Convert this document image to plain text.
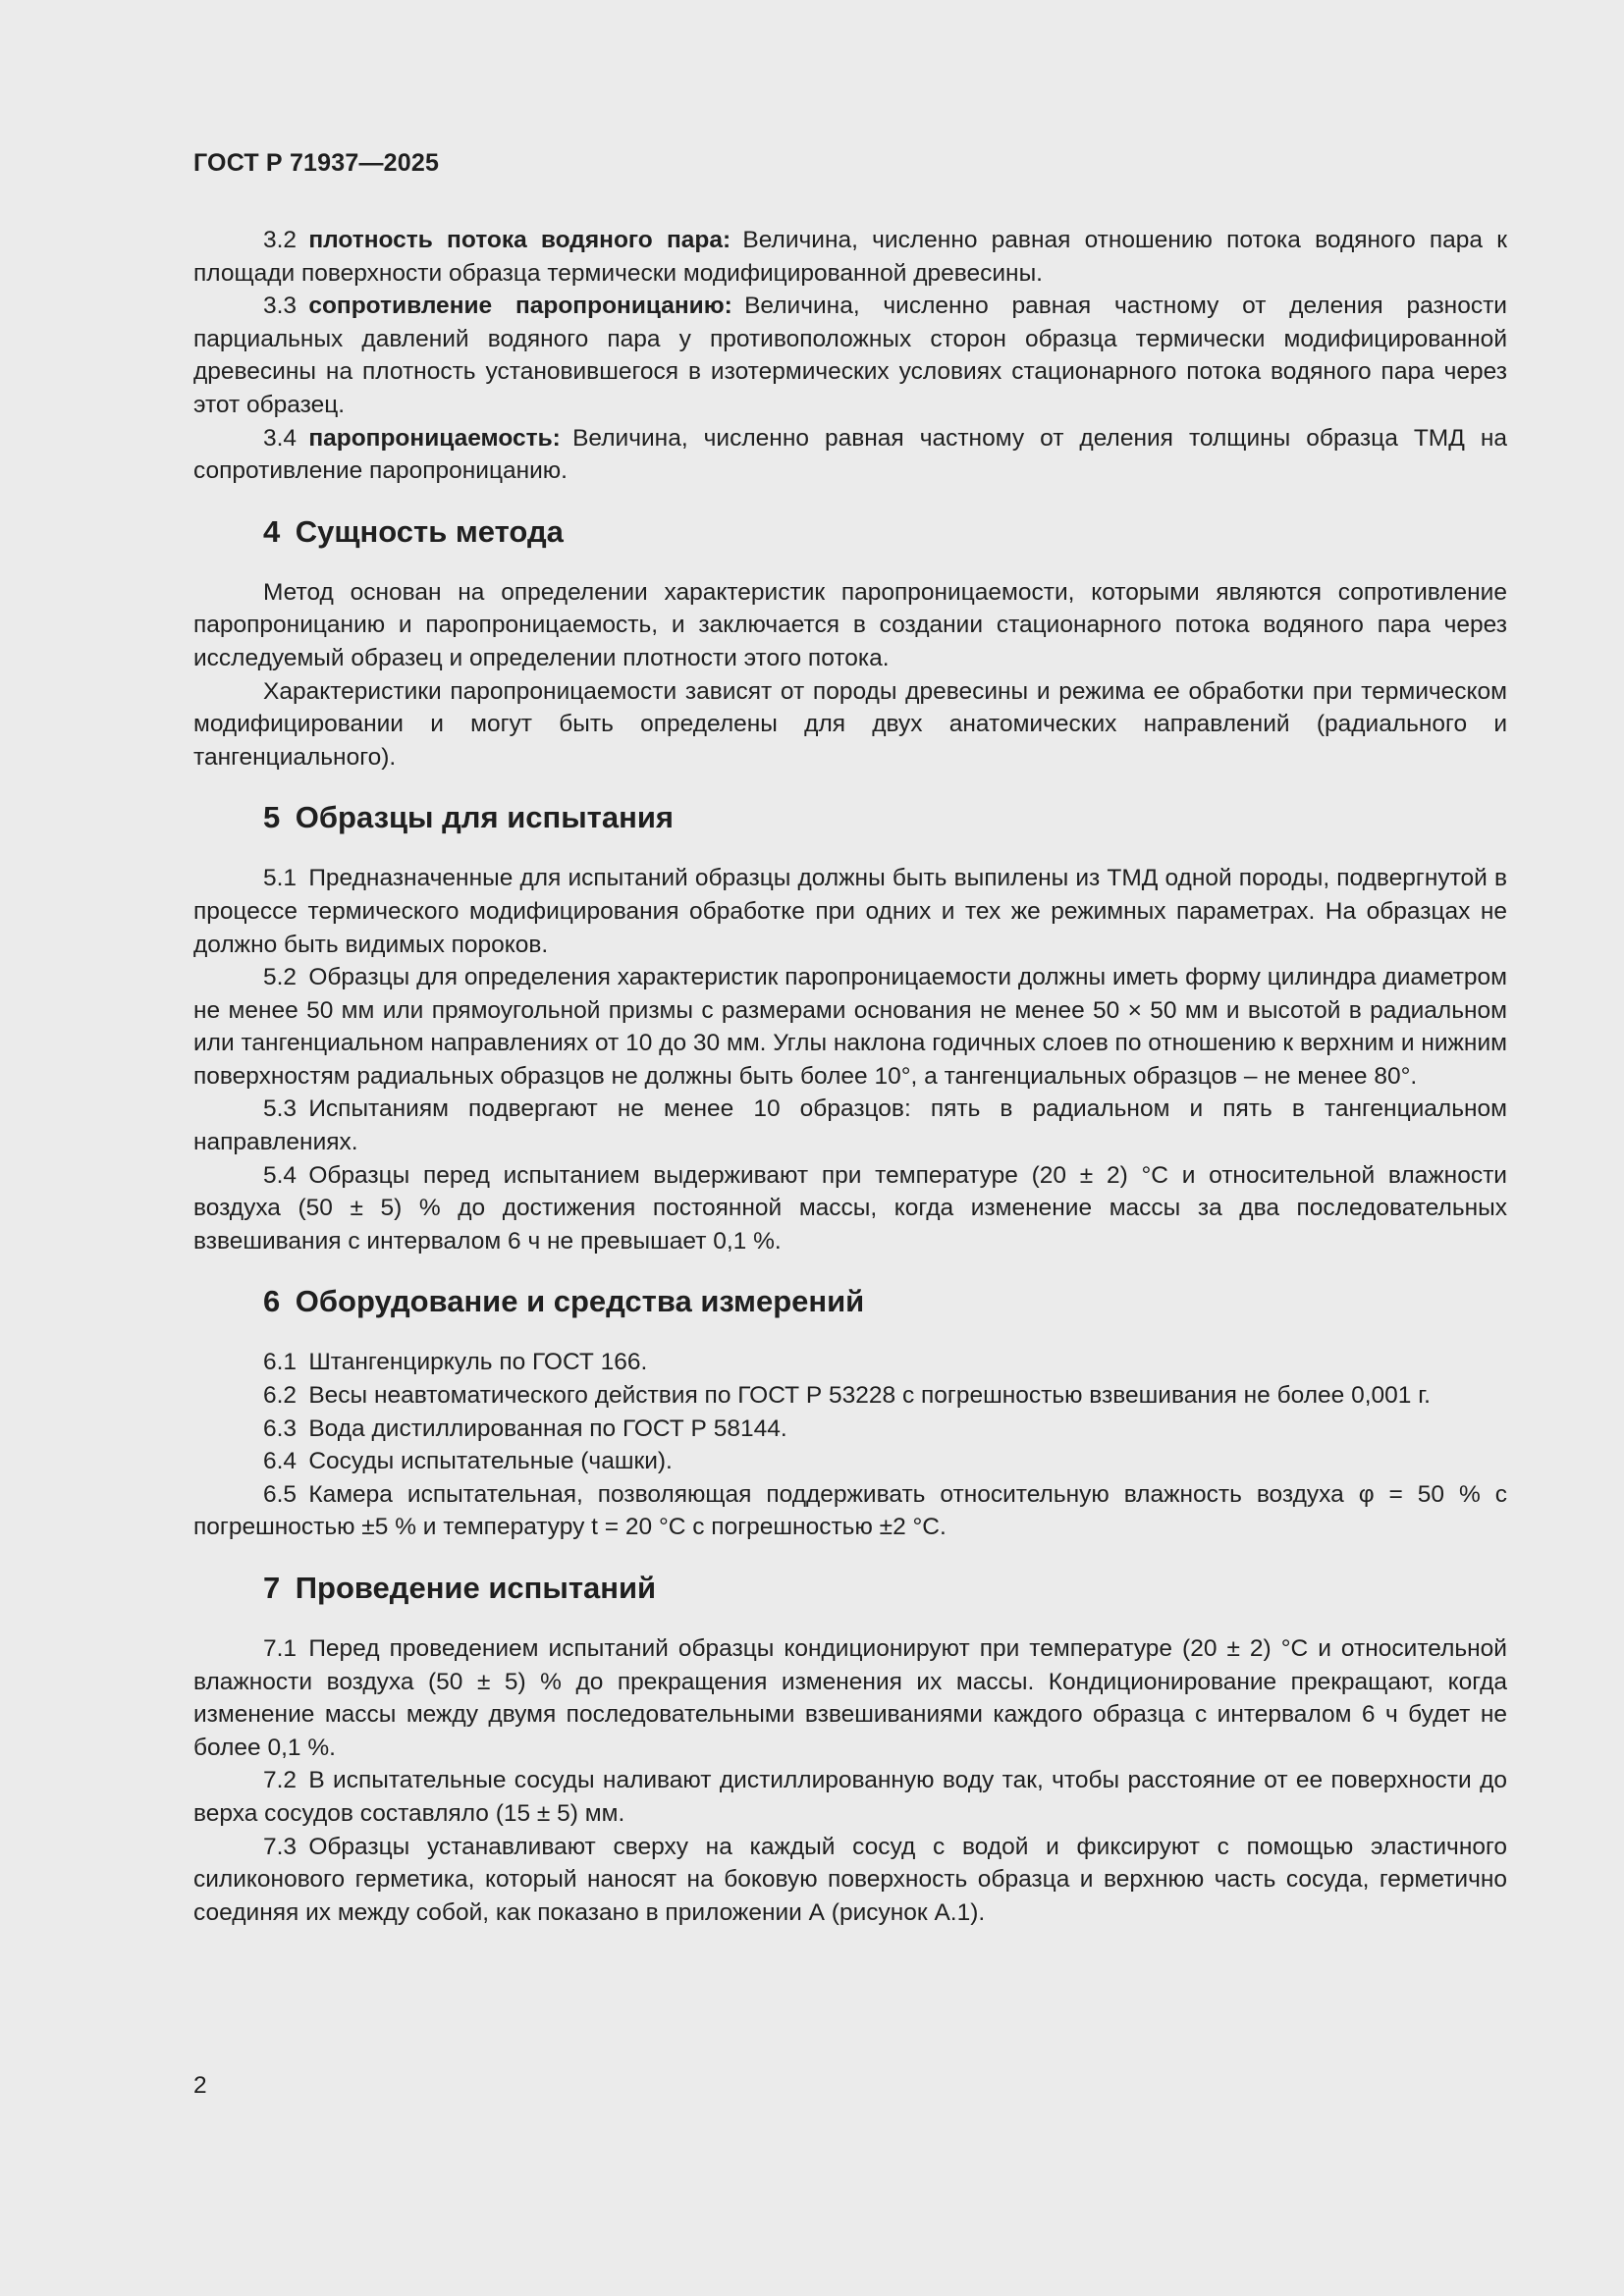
ГОСТ Р 71937—2025

3.2  плотность потока водяного пара:  Величина, численно равная отношению потока водяного пара к площади поверхности образца термически модифицированной древесины.

3.3  сопротивление паропроницанию:  Величина, численно равная частному от деления разности парциальных давлений водяного пара у противоположных сторон образца термически модифицированной древесины на плотность установившегося в изотермических условиях стационарного потока водяного пара через этот образец.

3.4  паропроницаемость:  Величина, численно равная частному от деления толщины образца ТМД на сопротивление паропроницанию.

4  Сущность метода

Метод основан на определении характеристик паропроницаемости, которыми являются сопротивление паропроницанию и паропроницаемость, и заключается в создании стационарного потока водяного пара через исследуемый образец и определении плотности этого потока.

Характеристики паропроницаемости зависят от породы древесины и режима ее обработки при термическом модифицировании и могут быть определены для двух анатомических направлений (радиального и тангенциального).

5  Образцы для испытания

5.1  Предназначенные для испытаний образцы должны быть выпилены из ТМД одной породы, подвергнутой в процессе термического модифицирования обработке при одних и тех же режимных параметрах. На образцах не должно быть видимых пороков.

5.2  Образцы для определения характеристик паропроницаемости должны иметь форму цилиндра диаметром не менее 50 мм или прямоугольной призмы с размерами основания не менее 50 × 50 мм и высотой в радиальном или тангенциальном направлениях от 10 до 30 мм. Углы наклона годичных слоев по отношению к верхним и нижним поверхностям радиальных образцов не должны быть более 10°, а тангенциальных образцов – не менее 80°.

5.3  Испытаниям подвергают не менее 10 образцов: пять в радиальном и пять в тангенциальном направлениях.

5.4  Образцы перед испытанием выдерживают при температуре (20 ± 2) °С и относительной влажности воздуха (50 ± 5) % до достижения постоянной массы, когда изменение массы за два последовательных взвешивания с интервалом 6 ч не превышает 0,1 %.

6  Оборудование и средства измерений

6.1  Штангенциркуль по ГОСТ 166.

6.2  Весы неавтоматического действия по ГОСТ Р 53228 с погрешностью взвешивания не более 0,001 г.

6.3  Вода дистиллированная по ГОСТ Р 58144.

6.4  Сосуды испытательные (чашки).

6.5  Камера испытательная, позволяющая поддерживать относительную влажность воздуха φ = 50 % с погрешностью ±5 % и температуру t = 20 °С с погрешностью ±2 °С.

7  Проведение испытаний

7.1  Перед проведением испытаний образцы кондиционируют при температуре (20 ± 2) °С и относительной влажности воздуха (50 ± 5) % до прекращения изменения их массы. Кондиционирование прекращают, когда изменение массы между двумя последовательными взвешиваниями каждого образца с интервалом 6 ч будет не более 0,1 %.

7.2  В испытательные сосуды наливают дистиллированную воду так, чтобы расстояние от ее поверхности до верха сосудов составляло (15 ± 5) мм.

7.3  Образцы устанавливают сверху на каждый сосуд с водой и фиксируют с помощью эластичного силиконового герметика, который наносят на боковую поверхность образца и верхнюю часть сосуда, герметично соединяя их между собой, как показано в приложении А (рисунок А.1).

2
